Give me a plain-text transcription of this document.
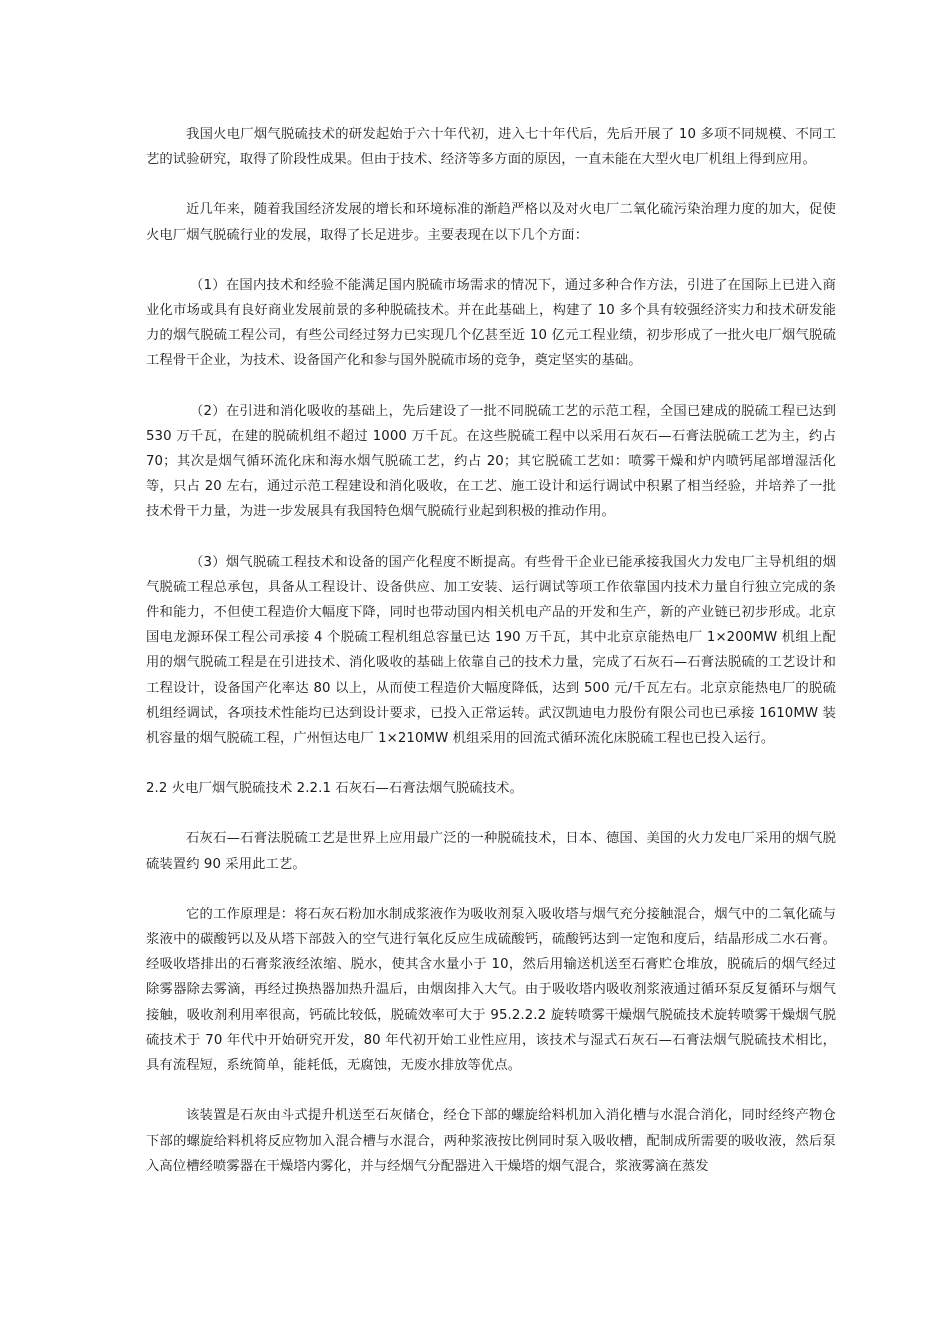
我国火电厂烟气脱硫技术的研发起始于六十年代初，进入七十年代后，先后开展了 10 多项不同规模、不同工艺的试验研究，取得了阶段性成果。但由于技术、经济等多方面的原因，一直未能在大型火电厂机组上得到应用。

近几年来，随着我国经济发展的增长和环境标准的渐趋严格以及对火电厂二氧化硫污染治理力度的加大，促使火电厂烟气脱硫行业的发展，取得了长足进步。主要表现在以下几个方面：

（1）在国内技术和经验不能满足国内脱硫市场需求的情况下，通过多种合作方法，引进了在国际上已进入商业化市场或具有良好商业发展前景的多种脱硫技术。并在此基础上，构建了 10 多个具有较强经济实力和技术研发能力的烟气脱硫工程公司，有些公司经过努力已实现几个亿甚至近 10 亿元工程业绩，初步形成了一批火电厂烟气脱硫工程骨干企业，为技术、设备国产化和参与国外脱硫市场的竞争，奠定坚实的基础。

（2）在引进和消化吸收的基础上，先后建设了一批不同脱硫工艺的示范工程，全国已建成的脱硫工程已达到 530 万千瓦，在建的脱硫机组不超过 1000 万千瓦。在这些脱硫工程中以采用石灰石—石膏法脱硫工艺为主，约占 70；其次是烟气循环流化床和海水烟气脱硫工艺，约占 20；其它脱硫工艺如：喷雾干燥和炉内喷钙尾部增湿活化等，只占 20 左右，通过示范工程建设和消化吸收，在工艺、施工设计和运行调试中积累了相当经验，并培养了一批技术骨干力量，为进一步发展具有我国特色烟气脱硫行业起到积极的推动作用。

（3）烟气脱硫工程技术和设备的国产化程度不断提高。有些骨干企业已能承接我国火力发电厂主导机组的烟气脱硫工程总承包，具备从工程设计、设备供应、加工安装、运行调试等项工作依靠国内技术力量自行独立完成的条件和能力，不但使工程造价大幅度下降，同时也带动国内相关机电产品的开发和生产，新的产业链已初步形成。北京国电龙源环保工程公司承接 4 个脱硫工程机组总容量已达 190 万千瓦，其中北京京能热电厂 1×200MW 机组上配用的烟气脱硫工程是在引进技术、消化吸收的基础上依靠自己的技术力量，完成了石灰石—石膏法脱硫的工艺设计和工程设计，设备国产化率达 80 以上，从而使工程造价大幅度降低，达到 500 元/千瓦左右。北京京能热电厂的脱硫机组经调试，各项技术性能均已达到设计要求，已投入正常运转。武汉凯迪电力股份有限公司也已承接 1610MW 装机容量的烟气脱硫工程，广州恒达电厂 1×210MW 机组采用的回流式循环流化床脱硫工程也已投入运行。

2.2 火电厂烟气脱硫技术 2.2.1 石灰石—石膏法烟气脱硫技术。

石灰石—石膏法脱硫工艺是世界上应用最广泛的一种脱硫技术，日本、德国、美国的火力发电厂采用的烟气脱硫装置约 90 采用此工艺。

它的工作原理是：将石灰石粉加水制成浆液作为吸收剂泵入吸收塔与烟气充分接触混合，烟气中的二氧化硫与浆液中的碳酸钙以及从塔下部鼓入的空气进行氧化反应生成硫酸钙，硫酸钙达到一定饱和度后，结晶形成二水石膏。经吸收塔排出的石膏浆液经浓缩、脱水，使其含水量小于 10，然后用输送机送至石膏贮仓堆放，脱硫后的烟气经过除雾器除去雾滴，再经过换热器加热升温后，由烟囱排入大气。由于吸收塔内吸收剂浆液通过循环泵反复循环与烟气接触，吸收剂利用率很高，钙硫比较低，脱硫效率可大于 95.2.2.2 旋转喷雾干燥烟气脱硫技术旋转喷雾干燥烟气脱硫技术于 70 年代中开始研究开发，80 年代初开始工业性应用，该技术与湿式石灰石—石膏法烟气脱硫技术相比，具有流程短，系统简单，能耗低，无腐蚀，无废水排放等优点。

该装置是石灰由斗式提升机送至石灰储仓，经仓下部的螺旋给料机加入消化槽与水混合消化，同时经终产物仓下部的螺旋给料机将反应物加入混合槽与水混合，两种浆液按比例同时泵入吸收槽，配制成所需要的吸收液，然后泵入高位槽经喷雾器在干燥塔内雾化，并与经烟气分配器进入干燥塔的烟气混合，浆液雾滴在蒸发
